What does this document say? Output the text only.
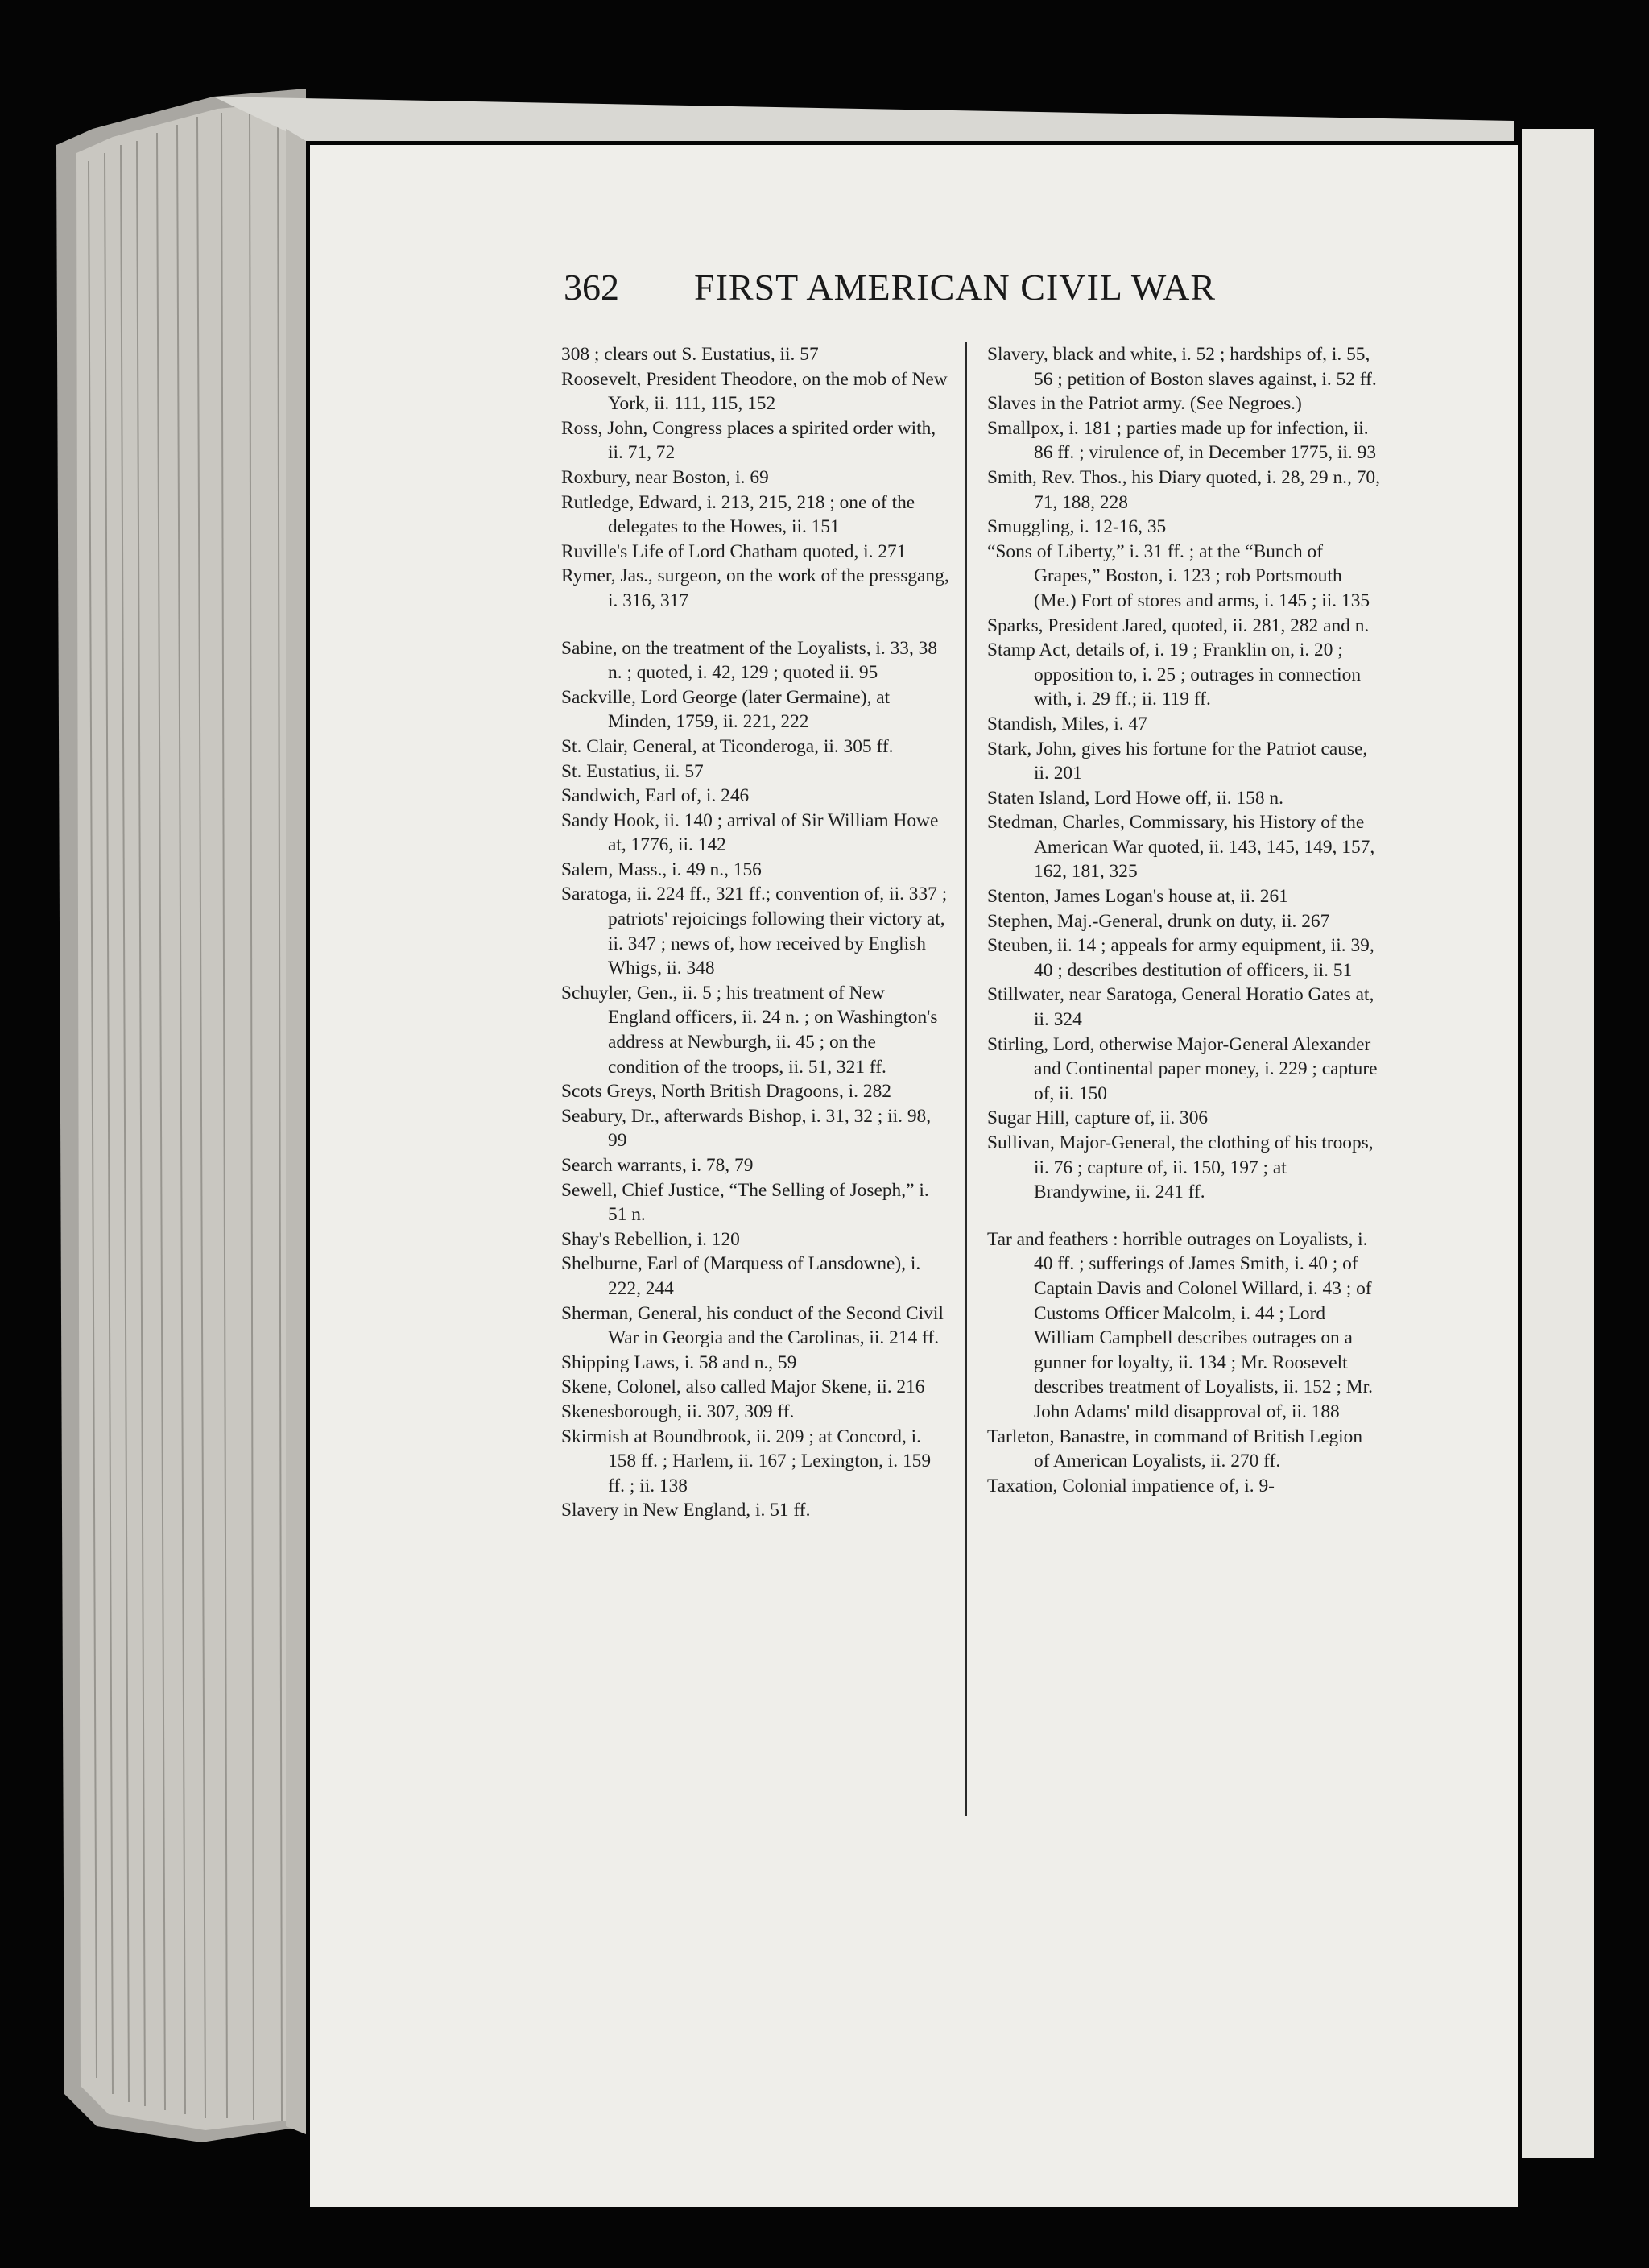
362 FIRST AMERICAN CIVIL WAR

308 ; clears out S. Eustatius, ii. 57

Roosevelt, President Theodore, on the mob of New York, ii. 111, 115, 152

Ross, John, Congress places a spirited order with, ii. 71, 72

Roxbury, near Boston, i. 69

Rutledge, Edward, i. 213, 215, 218 ; one of the delegates to the Howes, ii. 151

Ruville's Life of Lord Chatham quoted, i. 271

Rymer, Jas., surgeon, on the work of the pressgang, i. 316, 317

Sabine, on the treatment of the Loyalists, i. 33, 38 n. ; quoted, i. 42, 129 ; quoted ii. 95

Sackville, Lord George (later Germaine), at Minden, 1759, ii. 221, 222

St. Clair, General, at Ticonderoga, ii. 305 ff.

St. Eustatius, ii. 57

Sandwich, Earl of, i. 246

Sandy Hook, ii. 140 ; arrival of Sir William Howe at, 1776, ii. 142

Salem, Mass., i. 49 n., 156

Saratoga, ii. 224 ff., 321 ff.; convention of, ii. 337 ; patriots' rejoicings following their victory at, ii. 347 ; news of, how received by English Whigs, ii. 348

Schuyler, Gen., ii. 5 ; his treatment of New England officers, ii. 24 n. ; on Washington's address at Newburgh, ii. 45 ; on the condition of the troops, ii. 51, 321 ff.

Scots Greys, North British Dragoons, i. 282

Seabury, Dr., afterwards Bishop, i. 31, 32 ; ii. 98, 99

Search warrants, i. 78, 79

Sewell, Chief Justice, “The Selling of Joseph,” i. 51 n.

Shay's Rebellion, i. 120

Shelburne, Earl of (Marquess of Lansdowne), i. 222, 244

Sherman, General, his conduct of the Second Civil War in Georgia and the Carolinas, ii. 214 ff.

Shipping Laws, i. 58 and n., 59

Skene, Colonel, also called Major Skene, ii. 216

Skenesborough, ii. 307, 309 ff.

Skirmish at Boundbrook, ii. 209 ; at Concord, i. 158 ff. ; Harlem, ii. 167 ; Lexington, i. 159 ff. ; ii. 138

Slavery in New England, i. 51 ff.

Slavery, black and white, i. 52 ; hardships of, i. 55, 56 ; petition of Boston slaves against, i. 52 ff.

Slaves in the Patriot army. (See Negroes.)

Smallpox, i. 181 ; parties made up for infection, ii. 86 ff. ; virulence of, in December 1775, ii. 93

Smith, Rev. Thos., his Diary quoted, i. 28, 29 n., 70, 71, 188, 228

Smuggling, i. 12-16, 35

“Sons of Liberty,” i. 31 ff. ; at the “Bunch of Grapes,” Boston, i. 123 ; rob Portsmouth (Me.) Fort of stores and arms, i. 145 ; ii. 135

Sparks, President Jared, quoted, ii. 281, 282 and n.

Stamp Act, details of, i. 19 ; Franklin on, i. 20 ; opposition to, i. 25 ; outrages in connection with, i. 29 ff.; ii. 119 ff.

Standish, Miles, i. 47

Stark, John, gives his fortune for the Patriot cause, ii. 201

Staten Island, Lord Howe off, ii. 158 n.

Stedman, Charles, Commissary, his History of the American War quoted, ii. 143, 145, 149, 157, 162, 181, 325

Stenton, James Logan's house at, ii. 261

Stephen, Maj.-General, drunk on duty, ii. 267

Steuben, ii. 14 ; appeals for army equipment, ii. 39, 40 ; describes destitution of officers, ii. 51

Stillwater, near Saratoga, General Horatio Gates at, ii. 324

Stirling, Lord, otherwise Major-General Alexander and Continental paper money, i. 229 ; capture of, ii. 150

Sugar Hill, capture of, ii. 306

Sullivan, Major-General, the clothing of his troops, ii. 76 ; capture of, ii. 150, 197 ; at Brandywine, ii. 241 ff.

Tar and feathers : horrible outrages on Loyalists, i. 40 ff. ; sufferings of James Smith, i. 40 ; of Captain Davis and Colonel Willard, i. 43 ; of Customs Officer Malcolm, i. 44 ; Lord William Campbell describes outrages on a gunner for loyalty, ii. 134 ; Mr. Roosevelt describes treatment of Loyalists, ii. 152 ; Mr. John Adams' mild disapproval of, ii. 188

Tarleton, Banastre, in command of British Legion of American Loyalists, ii. 270 ff.

Taxation, Colonial impatience of, i. 9-
